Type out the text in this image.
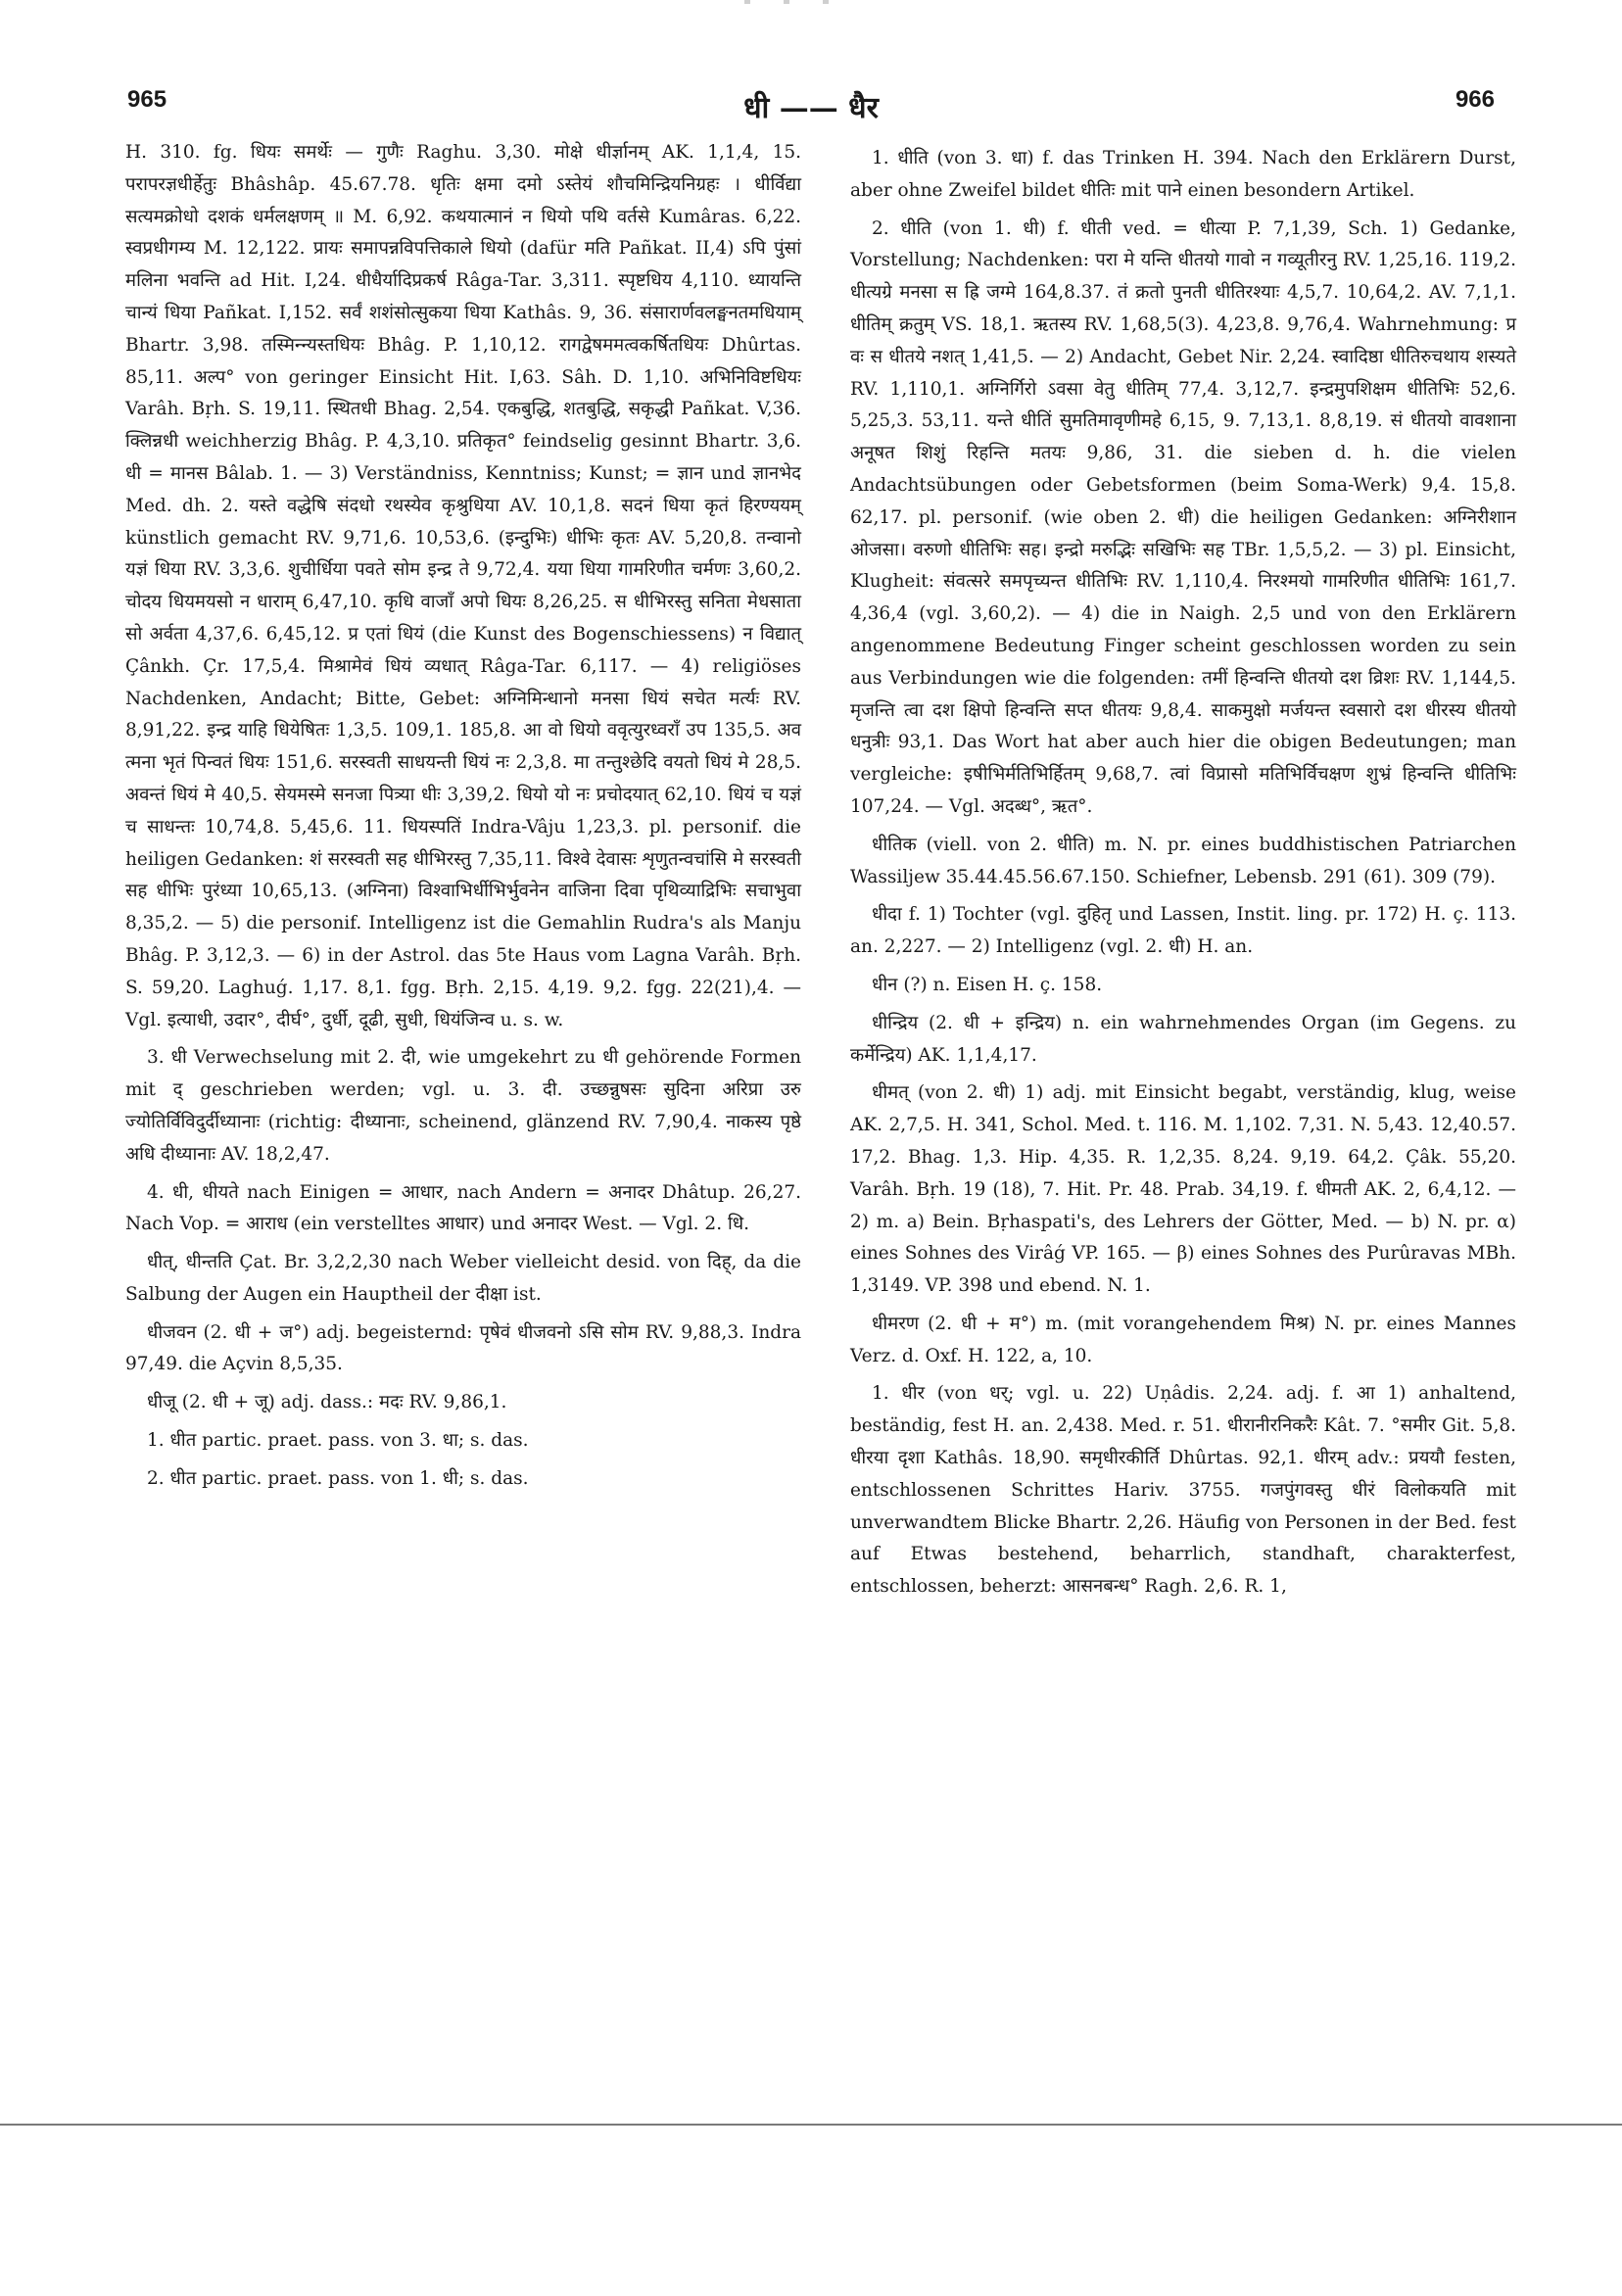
965	धी —— धैर	966

H. 310. fg. धियः समर्थेः — गुणैः Raghu. 3,30. मोक्षे धीर्ज्ञानम् AK. 1,1,4, 15. परापरज्ञधीर्हेतुः Bhâshâp. 45.67.78. धृतिः क्षमा दमो ऽस्तेयं शौचमिन्द्रियनिग्रहः । धीर्विद्या सत्यमक्रोधो दशकं धर्मलक्षणम् ॥ M. 6,92. कथयात्मानं न धियो पथि वर्तसे Kumâras. 6,22. स्वप्रधीगम्य M. 12,122. प्रायः समापन्नविपत्तिकाले धियो (dafür मति Pañkat. II,4) ऽपि पुंसां मलिना भवन्ति ad Hit. I,24. धीधैर्यादिप्रकर्ष Râga-Tar. 3,311. स्पृष्टधिय 4,110. ध्यायन्ति चान्यं धिया Pañkat. I,152. सर्वं शशंसोत्सुकया धिया Kathâs. 9, 36. संसारार्णवलङ्घनतमधियाम् Bhartr. 3,98. तस्मिन्न्यस्तधियः Bhâg. P. 1,10,12. रागद्वेषममत्वकर्षितधियः Dhûrtas. 85,11. अल्प° von geringer Einsicht Hit. I,63. Sâh. D. 1,10. अभिनिविष्टधियः Varâh. Bṛh. S. 19,11. स्थितधी Bhag. 2,54. एकबुद्धि, शतबुद्धि, सकृद्धी Pañkat. V,36. क्लिन्नधी weichherzig Bhâg. P. 4,3,10. प्रतिकृत° feindselig gesinnt Bhartr. 3,6. धी = मानस Bâlab. 1. — 3) Verständniss, Kenntniss; Kunst; = ज्ञान und ज्ञानभेद Med. dh. 2. यस्ते वद्धेषि संदधो रथस्येव कृश्रुधिया AV. 10,1,8. सदनं धिया कृतं हिरण्ययम् künstlich gemacht RV. 9,71,6. 10,53,6. (इन्दुभिः) धीभिः कृतः AV. 5,20,8. तन्वानो यज्ञं धिया RV. 3,3,6. शुचीर्धिया पवते सोम इन्द्र ते 9,72,4. यया धिया गामरिणीत चर्मणः 3,60,2. चोदय धियमयसो न धाराम् 6,47,10. कृधि वाजाँ अपो धियः 8,26,25. स धीभिरस्तु सनिता मेधसाता सो अर्वता 4,37,6. 6,45,12. प्र एतां धियं (die Kunst des Bogenschiessens) न विद्यात् Çânkh. Çr. 17,5,4. मिश्रामेवं धियं व्यधात् Râga-Tar. 6,117. — 4) religiöses Nachdenken, Andacht; Bitte, Gebet: अग्निमिन्धानो मनसा धियं सचेत मर्त्यः RV. 8,91,22. इन्द्र याहि धियेषितः 1,3,5. 109,1. 185,8. आ वो धियो ववृत्युरध्वराँ उप 135,5. अव त्मना भृतं पिन्वतं धियः 151,6. सरस्वती साधयन्ती धियं नः 2,3,8. मा तन्तुश्छेदि वयतो धियं मे 28,5. अवन्तं धियं मे 40,5. सेयमस्मे सनजा पित्र्या धीः 3,39,2. धियो यो नः प्रचोदयात् 62,10. धियं च यज्ञं च साधन्तः 10,74,8. 5,45,6. 11. धियस्पतिं Indra-Vâju 1,23,3. pl. personif. die heiligen Gedanken: शं सरस्वती सह धीभिरस्तु 7,35,11. विश्वे देवासः शृणुतन्वचांसि मे सरस्वती सह धीभिः पुरंध्या 10,65,13. (अग्निना) विश्वाभिर्धीभिर्भुवनेन वाजिना दिवा पृथिव्याद्रिभिः सचाभुवा 8,35,2. — 5) die personif. Intelligenz ist die Gemahlin Rudra's als Manju Bhâg. P. 3,12,3. — 6) in der Astrol. das 5te Haus vom Lagna Varâh. Bṛh. S. 59,20. Laghuǵ. 1,17. 8,1. fgg. Bṛh. 2,15. 4,19. 9,2. fgg. 22(21),4. — Vgl. इत्याधी, उदार°, दीर्घ°, दुर्धी, दूढी, सुधी, धियंजिन्व u. s. w.

3. धी Verwechselung mit 2. दी, wie umgekehrt zu धी gehörende Formen mit द् geschrieben werden; vgl. u. 3. दी. उच्छन्नुषसः सुदिना अरिप्रा उरु ज्योतिर्विविदुर्दीध्यानाः (richtig: दीध्यानाः, scheinend, glänzend RV. 7,90,4. नाकस्य पृष्ठे अधि दीध्यानाः AV. 18,2,47.

4. धी, धीयते nach Einigen = आधार, nach Andern = अनादर Dhâtup. 26,27. Nach Vop. = आराध (ein verstelltes आधार) und अनादर West. — Vgl. 2. धि.

धीत्, धीन्तति Çat. Br. 3,2,2,30 nach Weber vielleicht desid. von दिह्, da die Salbung der Augen ein Hauptheil der दीक्षा ist.

धीजवन (2. धी + ज°) adj. begeisternd: पृषेवं धीजवनो ऽसि सोम RV. 9,88,3. Indra 97,49. die Açvin 8,5,35.

धीजू (2. धी + जू) adj. dass.: मदः RV. 9,86,1.

1. धीत partic. praet. pass. von 3. धा; s. das.

2. धीत partic. praet. pass. von 1. धी; s. das.

1. धीति (von 3. धा) f. das Trinken H. 394. Nach den Erklärern Durst, aber ohne Zweifel bildet धीतिः mit पाने einen besondern Artikel.

2. धीति (von 1. धी) f. धीती ved. = धीत्या P. 7,1,39, Sch. 1) Gedanke, Vorstellung; Nachdenken: परा मे यन्ति धीतयो गावो न गव्यूतीरनु RV. 1,25,16. 119,2. धीत्यग्रे मनसा स ह्रि जग्मे 164,8.37. तं क्रतो पुनती धीतिरश्याः 4,5,7. 10,64,2. AV. 7,1,1. धीतिम् क्रतुम् VS. 18,1. ऋतस्य RV. 1,68,5(3). 4,23,8. 9,76,4. Wahrnehmung: प्र वः स धीतये नशत् 1,41,5. — 2) Andacht, Gebet Nir. 2,24. स्वादिष्ठा धीतिरुचथाय शस्यते RV. 1,110,1. अग्निर्गिरो ऽवसा वेतु धीतिम् 77,4. 3,12,7. इन्द्रमुपशिक्षम धीतिभिः 52,6. 5,25,3. 53,11. यन्ते धीतिं सुमतिमावृणीमहे 6,15, 9. 7,13,1. 8,8,19. सं धीतयो वावशाना अनूषत शिशुं रिहन्ति मतयः 9,86, 31. die sieben d. h. die vielen Andachtsübungen oder Gebetsformen (beim Soma-Werk) 9,4. 15,8. 62,17. pl. personif. (wie oben 2. धी) die heiligen Gedanken: अग्निरीशान ओजसा। वरुणो धीतिभिः सह। इन्द्रो मरुद्भिः सखिभिः सह TBr. 1,5,5,2. — 3) pl. Einsicht, Klugheit: संवत्सरे समपृच्यन्त धीतिभिः RV. 1,110,4. निरश्मयो गामरिणीत धीतिभिः 161,7. 4,36,4 (vgl. 3,60,2). — 4) die in Naigh. 2,5 und von den Erklärern angenommene Bedeutung Finger scheint geschlossen worden zu sein aus Verbindungen wie die folgenden: तमीं हिन्वन्ति धीतयो दश व्रिशः RV. 1,144,5. मृजन्ति त्वा दश क्षिपो हिन्वन्ति सप्त धीतयः 9,8,4. साकमुक्षो मर्जयन्त स्वसारो दश धीरस्य धीतयो धनुत्रीः 93,1. Das Wort hat aber auch hier die obigen Bedeutungen; man vergleiche: इषीभिर्मतिभिर्हितम् 9,68,7. त्वां विप्रासो मतिभिर्विचक्षण शुभ्रं हिन्वन्ति धीतिभिः 107,24. — Vgl. अदब्ध°, ऋत°.

धीतिक (viell. von 2. धीति) m. N. pr. eines buddhistischen Patriarchen Wassiljew 35.44.45.56.67.150. Schiefner, Lebensb. 291 (61). 309 (79).

धीदा f. 1) Tochter (vgl. दुहितृ und Lassen, Instit. ling. pr. 172) H. ç. 113. an. 2,227. — 2) Intelligenz (vgl. 2. धी) H. an.

धीन (?) n. Eisen H. ç. 158.

धीन्द्रिय (2. धी + इन्द्रिय) n. ein wahrnehmendes Organ (im Gegens. zu कर्मेन्द्रिय) AK. 1,1,4,17.

धीमत् (von 2. धी) 1) adj. mit Einsicht begabt, verständig, klug, weise AK. 2,7,5. H. 341, Schol. Med. t. 116. M. 1,102. 7,31. N. 5,43. 12,40.57. 17,2. Bhag. 1,3. Hip. 4,35. R. 1,2,35. 8,24. 9,19. 64,2. Çâk. 55,20. Varâh. Bṛh. 19 (18), 7. Hit. Pr. 48. Prab. 34,19. f. धीमती AK. 2, 6,4,12. — 2) m. a) Bein. Bṛhaspati's, des Lehrers der Götter, Med. — b) N. pr. α) eines Sohnes des Virâǵ VP. 165. — β) eines Sohnes des Purûravas MBh. 1,3149. VP. 398 und ebend. N. 1.

धीमरण (2. धी + म°) m. (mit vorangehendem मिश्र) N. pr. eines Mannes Verz. d. Oxf. H. 122, a, 10.

1. धीर (von धर्; vgl. u. 22) Uṇâdis. 2,24. adj. f. आ 1) anhaltend, beständig, fest H. an. 2,438. Med. r. 51. धीरानीरनिकरैः Kât. 7. °समीर Git. 5,8. धीरया दृशा Kathâs. 18,90. समृधीरकीर्ति Dhûrtas. 92,1. धीरम् adv.: प्रययौ festen, entschlossenen Schrittes Hariv. 3755. गजपुंगवस्तु धीरं विलोकयति mit unverwandtem Blicke Bhartr. 2,26. Häufig von Personen in der Bed. fest auf Etwas bestehend, beharrlich, standhaft, charakterfest, entschlossen, beherzt: आसनबन्ध° Ragh. 2,6. R. 1,
